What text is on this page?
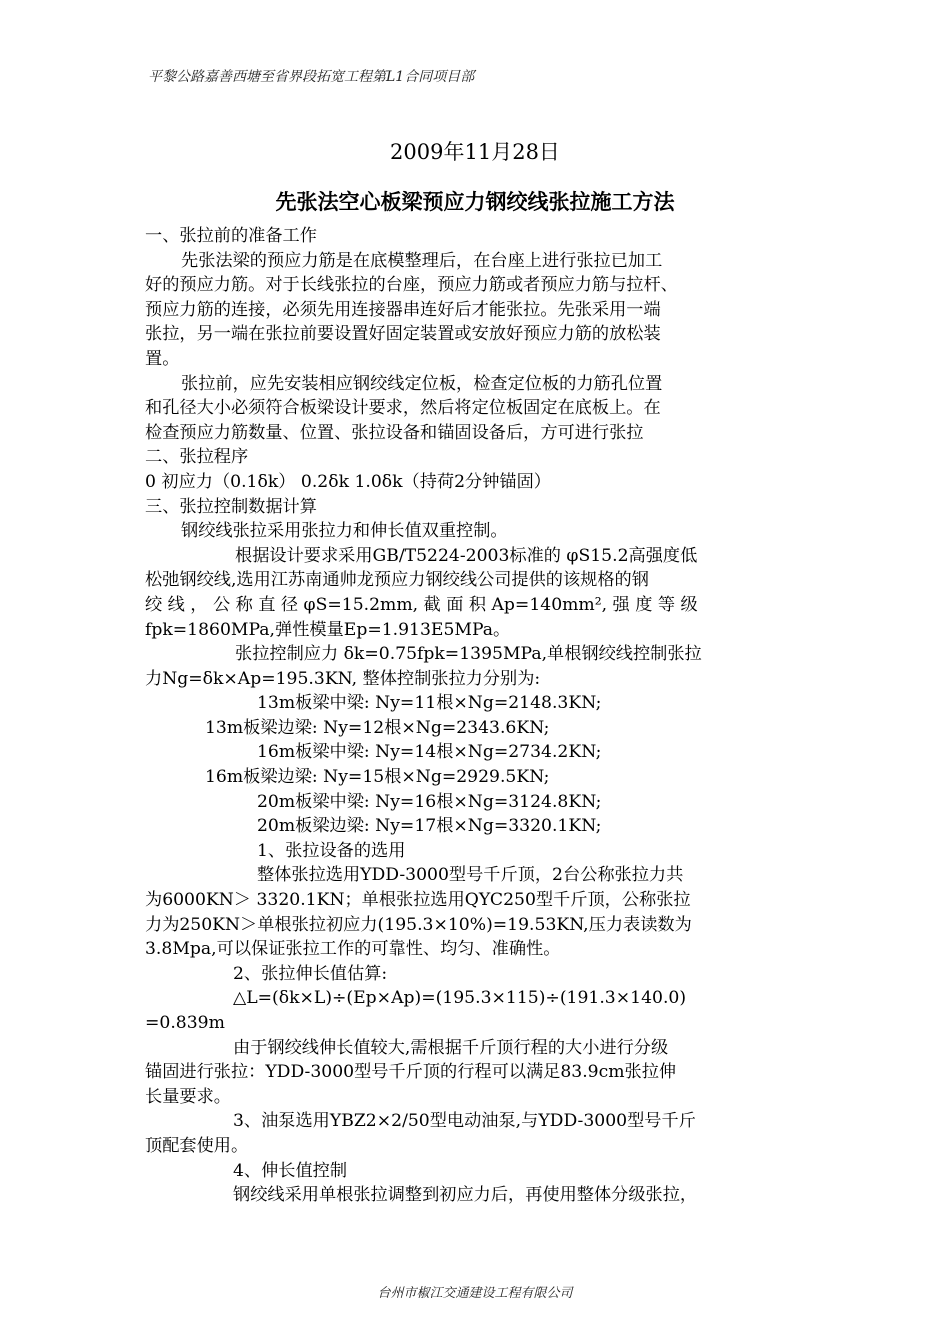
平黎公路嘉善西塘至省界段拓宽工程第L1合同项目部
2009年11月28日
先张法空心板梁预应力钢绞线张拉施工方法
一、张拉前的准备工作
先张法梁的预应力筋是在底模整理后，在台座上进行张拉已加工
好的预应力筋。对于长线张拉的台座，预应力筋或者预应力筋与拉杆、
预应力筋的连接，必须先用连接器串连好后才能张拉。先张采用一端
张拉，另一端在张拉前要设置好固定装置或安放好预应力筋的放松装
置。
张拉前，应先安装相应钢绞线定位板，检查定位板的力筋孔位置
和孔径大小必须符合板梁设计要求，然后将定位板固定在底板上。在
检查预应力筋数量、位置、张拉设备和锚固设备后，方可进行张拉
二、张拉程序
0 初应力（0.1δk） 0.2δk 1.0δk（持荷2分钟锚固）
三、张拉控制数据计算
钢绞线张拉采用张拉力和伸长值双重控制。
根据设计要求采用GB/T5224-2003标准的 φS15.2高强度低
松弛钢绞线,选用江苏南通帅龙预应力钢绞线公司提供的该规格的钢
绞 线 ， 公 称 直 径 φS=15.2mm, 截 面 积 Ap=140mm², 强 度 等 级
fpk=1860MPa,弹性模量Ep=1.913E5MPa。
张拉控制应力 δk=0.75fpk=1395MPa,单根钢绞线控制张拉
力Ng=δk×Ap=195.3KN, 整体控制张拉力分别为:
13m板梁中梁: Ny=11根×Ng=2148.3KN;
13m板梁边梁: Ny=12根×Ng=2343.6KN;
16m板梁中梁: Ny=14根×Ng=2734.2KN;
16m板梁边梁: Ny=15根×Ng=2929.5KN;
20m板梁中梁: Ny=16根×Ng=3124.8KN;
20m板梁边梁: Ny=17根×Ng=3320.1KN;
1、张拉设备的选用
整体张拉选用YDD-3000型号千斤顶，2台公称张拉力共
为6000KN＞ 3320.1KN；单根张拉选用QYC250型千斤顶，公称张拉
力为250KN＞单根张拉初应力(195.3×10%)=19.53KN,压力表读数为
3.8Mpa,可以保证张拉工作的可靠性、均匀、准确性。
2、张拉伸长值估算:
△L=(δk×L)÷(Ep×Ap)=(195.3×115)÷(191.3×140.0)
=0.839m
由于钢绞线伸长值较大,需根据千斤顶行程的大小进行分级
锚固进行张拉：YDD-3000型号千斤顶的行程可以满足83.9cm张拉伸
长量要求。
3、油泵选用YBZ2×2/50型电动油泵,与YDD-3000型号千斤
顶配套使用。
4、伸长值控制
钢绞线采用单根张拉调整到初应力后，再使用整体分级张拉，
台州市椒江交通建设工程有限公司
